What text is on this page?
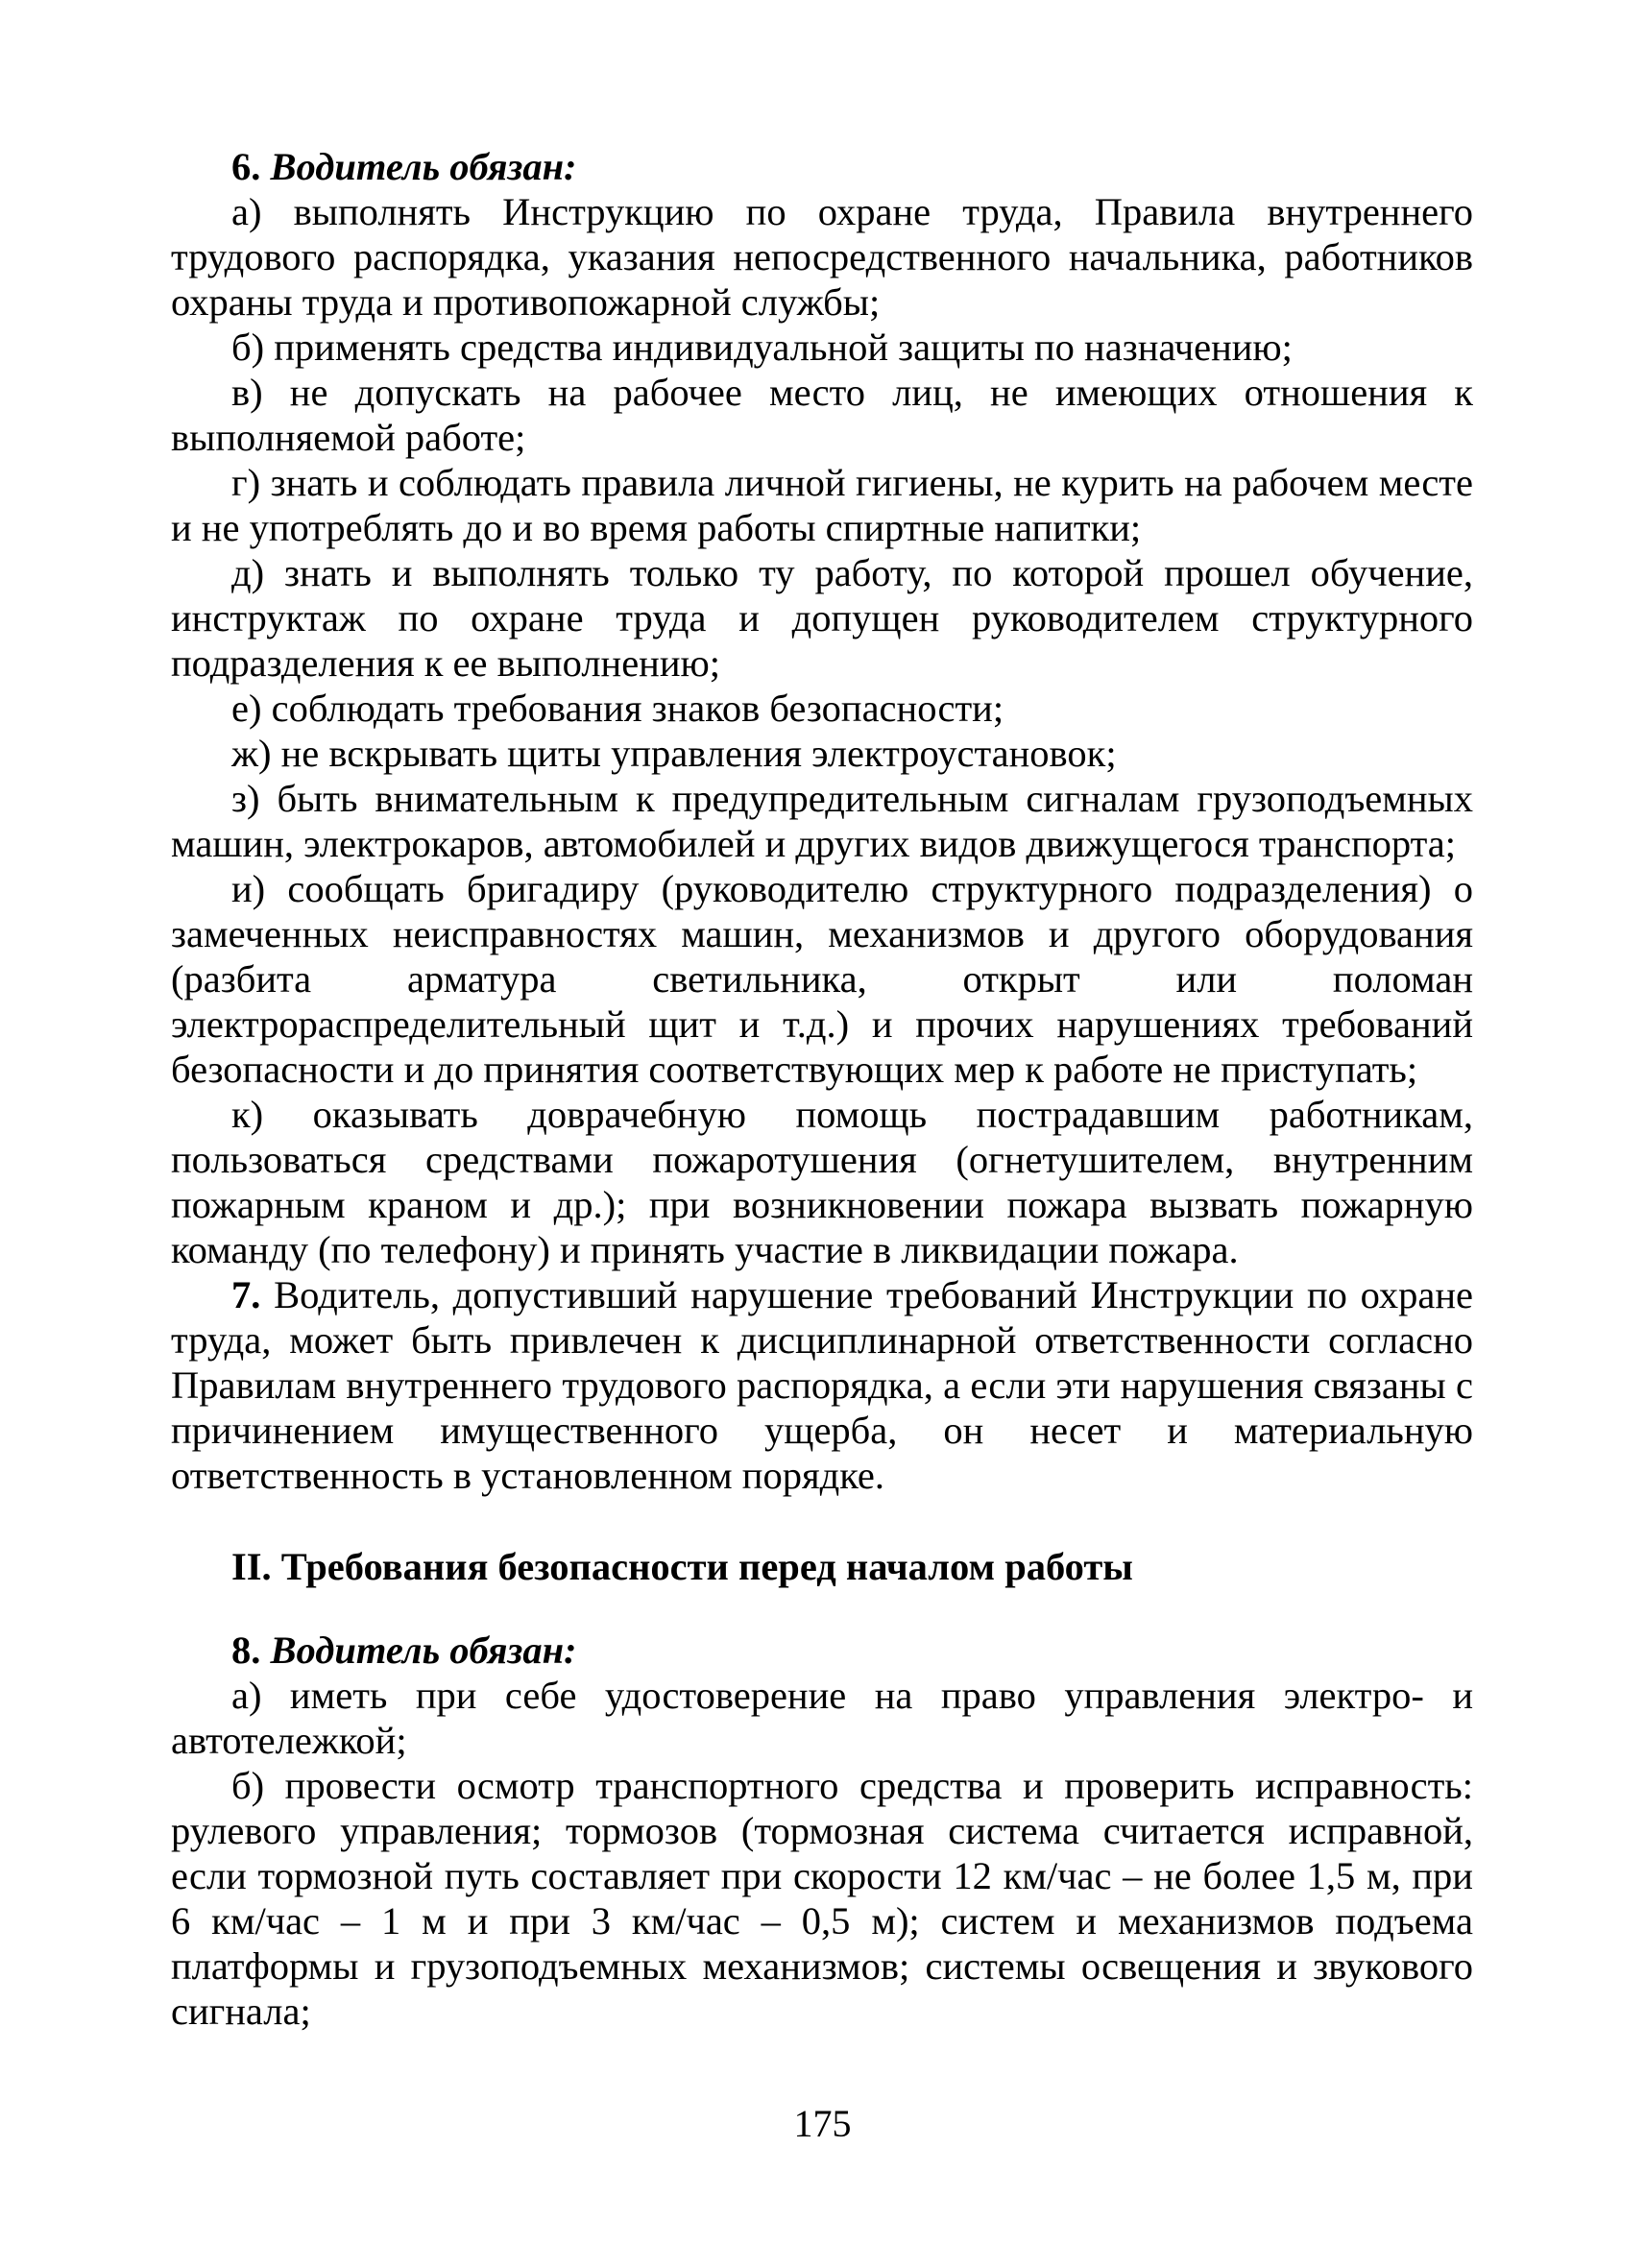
6. Водитель обязан:

а) выполнять Инструкцию по охране труда, Правила внутреннего трудового распорядка, указания непосредственного начальника, работников охраны труда и противопожарной службы;

б) применять средства индивидуальной защиты по назначению;

в) не допускать на рабочее место лиц, не имеющих отношения к выполняемой работе;

г) знать и соблюдать правила личной гигиены, не курить на рабочем месте и не употреблять до и во время работы спиртные напитки;

д) знать и выполнять только ту работу, по которой прошел обучение, инструктаж по охране труда и допущен руководителем структурного подразделения к ее выполнению;

е) соблюдать требования знаков безопасности;

ж) не вскрывать щиты управления электроустановок;

з) быть внимательным к предупредительным сигналам грузоподъемных машин, электрокаров, автомобилей и других видов движущегося транспорта;

и) сообщать бригадиру (руководителю структурного подразделения) о замеченных неисправностях машин, механизмов и другого оборудования (разбита арматура светильника, открыт или поломан электрораспределительный щит и т.д.) и прочих нарушениях требований безопасности и до принятия соответствующих мер к работе не приступать;

к) оказывать доврачебную помощь пострадавшим работникам, пользоваться средствами пожаротушения (огнетушителем, внутренним пожарным краном и др.); при возникновении пожара вызвать пожарную команду (по телефону) и принять участие в ликвидации пожара.

7. Водитель, допустивший нарушение требований Инструкции по охране труда, может быть привлечен к дисциплинарной ответственности согласно Правилам внутреннего трудового распорядка, а если эти нарушения связаны с причинением имущественного ущерба, он несет и материальную ответственность в установленном порядке.

II. Требования безопасности перед началом работы

8. Водитель обязан:

а) иметь при себе удостоверение на право управления электро- и автотележкой;

б) провести осмотр транспортного средства и проверить исправность: рулевого управления; тормозов (тормозная система считается исправной, если тормозной путь составляет при скорости 12 км/час – не более 1,5 м, при 6 км/час – 1 м и при 3 км/час – 0,5 м); систем и механизмов подъема платформы и грузоподъемных механизмов; системы освещения и звукового сигнала;

175
